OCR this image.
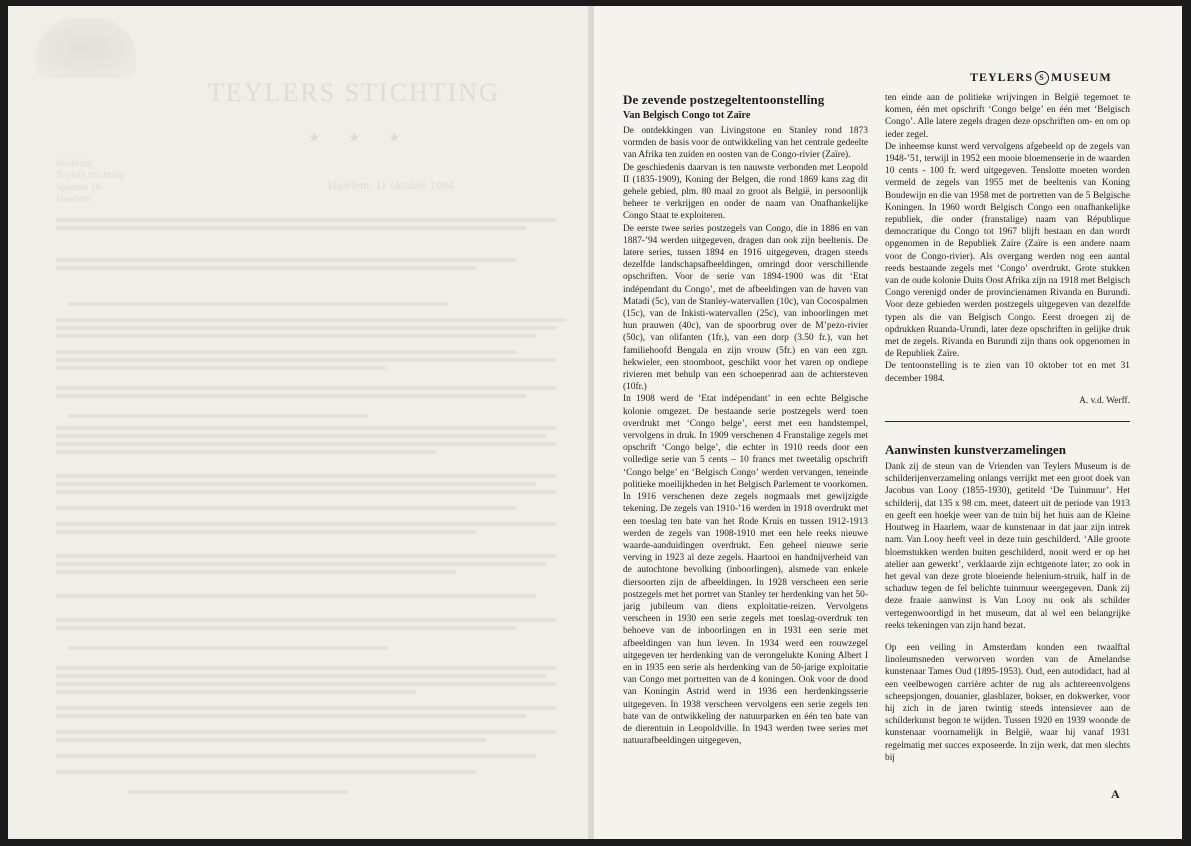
TEYLERS STICHTING
★ ★ ★
Stichting
Teylers Stichting
Spaarne 16
Haarlem
Haarlem, 11 oktober 1984
TEYLERS S MUSEUM
De zevende postzegeltentoonstelling
Van Belgisch Congo tot Zaïre

De ontdekkingen van Livingstone en Stanley rond 1873 vormden de basis voor de ontwikkeling van het centrale gedeelte van Afrika ten zuiden en oosten van de Congo-rivier (Zaïre).

De geschiedenis daarvan is ten nauwste verbonden met Leopold II (1835-1909), Koning der Belgen, die rond 1869 kans zag dit gehele gebied, plm. 80 maal zo groot als België, in persoonlijk beheer te verkrijgen en onder de naam van Onafhankelijke Congo Staat te exploiteren.

De eerste twee series postzegels van Congo, die in 1886 en van 1887-’94 werden uitgegeven, dragen dan ook zijn beeltenis. De latere series, tussen 1894 en 1916 uitgegeven, dragen steeds dezelfde landschapsafbeeldingen, omringd door verschillende opschriften. Voor de serie van 1894-1900 was dit ‘Etat indépendant du Congo’, met de afbeeldingen van de haven van Matadi (5c), van de Stanley-watervallen (10c), van Cocospalmen (15c), van de Inkisti-watervallen (25c), van inboorlingen met hun prauwen (40c), van de spoorbrug over de M’pezo-rivier (50c), van olifanten (1fr.), van een dorp (3.50 fr.), van het familiehoofd Bengala en zijn vrouw (5fr.) en van een zgn. hekwieler, een stoomboot, geschikt voor het varen op ondiepe rivieren met behulp van een schoepenrad aan de achtersteven (10fr.)

In 1908 werd de ‘Etat indépendant’ in een echte Belgische kolonie omgezet. De bestaande serie postzegels werd toen overdrukt met ‘Congo belge’, eerst met een handstempel, vervolgens in druk. In 1909 verschenen 4 Franstalige zegels met opschrift ‘Congo belge’, die echter in 1910 reeds door een volledige serie van 5 cents – 10 francs met tweetalig opschrift ‘Congo belge’ en ‘Belgisch Congo’ werden vervangen, teneinde politieke moeilijkheden in het Belgisch Parlement te voorkomen. In 1916 verschenen deze zegels nogmaals met gewijzigde tekening. De zegels van 1910-’16 werden in 1918 overdrukt met een toeslag ten bate van het Rode Kruis en tussen 1912-1913 werden de zegels van 1908-1910 met een hele reeks nieuwe waarde-aanduidingen overdrukt. Een geheel nieuwe serie verving in 1923 al deze zegels. Haartooi en handnijverheid van de autochtone bevolking (inboorlingen), alsmede van enkele diersoorten zijn de afbeeldingen. In 1928 verscheen een serie postzegels met het portret van Stanley ter herdenking van het 50-jarig jubileum van diens exploitatie-reizen. Vervolgens verscheen in 1930 een serie zegels met toeslag-overdruk ten behoeve van de inboorlingen en in 1931 een serie met afbeeldingen van hun leven. In 1934 werd een rouwzegel uitgegeven ter herdenking van de verongelukte Koning Albert I en in 1935 een serie als herdenking van de 50-jarige exploitatie van Congo met portretten van de 4 koningen. Ook voor de dood van Koningin Astrid werd in 1936 een herdenkingsserie uitgegeven. In 1938 verscheen vervolgens een serie zegels ten bate van de ontwikkeling der natuurparken en één ten bate van de dierentuin in Leopoldville. In 1943 werden twee series met natuurafbeeldingen uitgegeven,

ten einde aan de politieke wrijvingen in België tegemoet te komen, één met opschrift ‘Congo belge’ en één met ‘Belgisch Congo’. Alle latere zegels dragen deze opschriften om- en om op ieder zegel.

De inheemse kunst werd vervolgens afgebeeld op de zegels van 1948-’51, terwijl in 1952 een mooie bloemenserie in de waarden 10 cents - 100 fr. werd uitgegeven. Tenslotte moeten worden vermeld de zegels van 1955 met de beeltenis van Koning Boudewijn en die van 1958 met de portretten van de 5 Belgische Koningen. In 1960 wordt Belgisch Congo een onafhankelijke republiek, die onder (franstalige) naam van République democratique du Congo tot 1967 blijft bestaan en dan wordt opgenomen in de Republiek Zaïre (Zaïre is een andere naam voor de Congo-rivier). Als overgang werden nog een aantal reeds bestaande zegels met ‘Congo’ overdrukt. Grote stukken van de oude kolonie Duits Oost Afrika zijn na 1918 met Belgisch Congo verenigd onder de provincienamen Rivanda en Burundi. Voor deze gebieden werden postzegels uitgegeven van dezelfde typen als die van Belgisch Congo. Eerst droegen zij de opdrukken Ruanda-Urundi, later deze opschriften in gelijke druk met de zegels. Rivanda en Burundi zijn thans ook opgenomen in de Republiek Zaïre.

De tentoonstelling is te zien van 10 oktober tot en met 31 december 1984.

A. v.d. Werff.

Aanwinsten kunstverzamelingen

Dank zij de steun van de Vrienden van Teylers Museum is de schilderijenverzameling onlangs verrijkt met een groot doek van Jacobus van Looy (1855-1930), getiteld ‘De Tuinmuur’. Het schilderij, dat 135 x 98 cm. meet, dateert uit de periode van 1913 en geeft een hoekje weer van de tuin bij het huis aan de Kleine Houtweg in Haarlem, waar de kunstenaar in dat jaar zijn intrek nam. Van Looy heeft veel in deze tuin geschilderd. ‘Alle groote bloemstukken werden buiten geschilderd, nooit werd er op het atelier aan gewerkt’, verklaarde zijn echtgenote later; zo ook in het geval van deze grote bloeiende helenium-struik, half in de schaduw tegen de fel belichte tuinmuur weergegeven. Dank zij deze fraaie aanwinst is Van Looy nu ook als schilder vertegenwoordigd in het museum, dat al wel een belangrijke reeks tekeningen van zijn hand bezat.

Op een veiling in Amsterdam konden een twaalftal linoleumsneden verworven worden van de Amelandse kunstenaar Tames Oud (1895-1953). Oud, een autodidact, had al een veelbewogen carrière achter de rug als achtereenvolgens scheepsjongen, douanier, glasblazer, bokser, en dokwerker, voor hij zich in de jaren twintig steeds intensiever aan de schilderkunst begon te wijden. Tussen 1920 en 1939 woonde de kunstenaar voornamelijk in België, waar hij vanaf 1931 regelmatig met succes exposeerde. In zijn werk, dat men slechts bij

A
